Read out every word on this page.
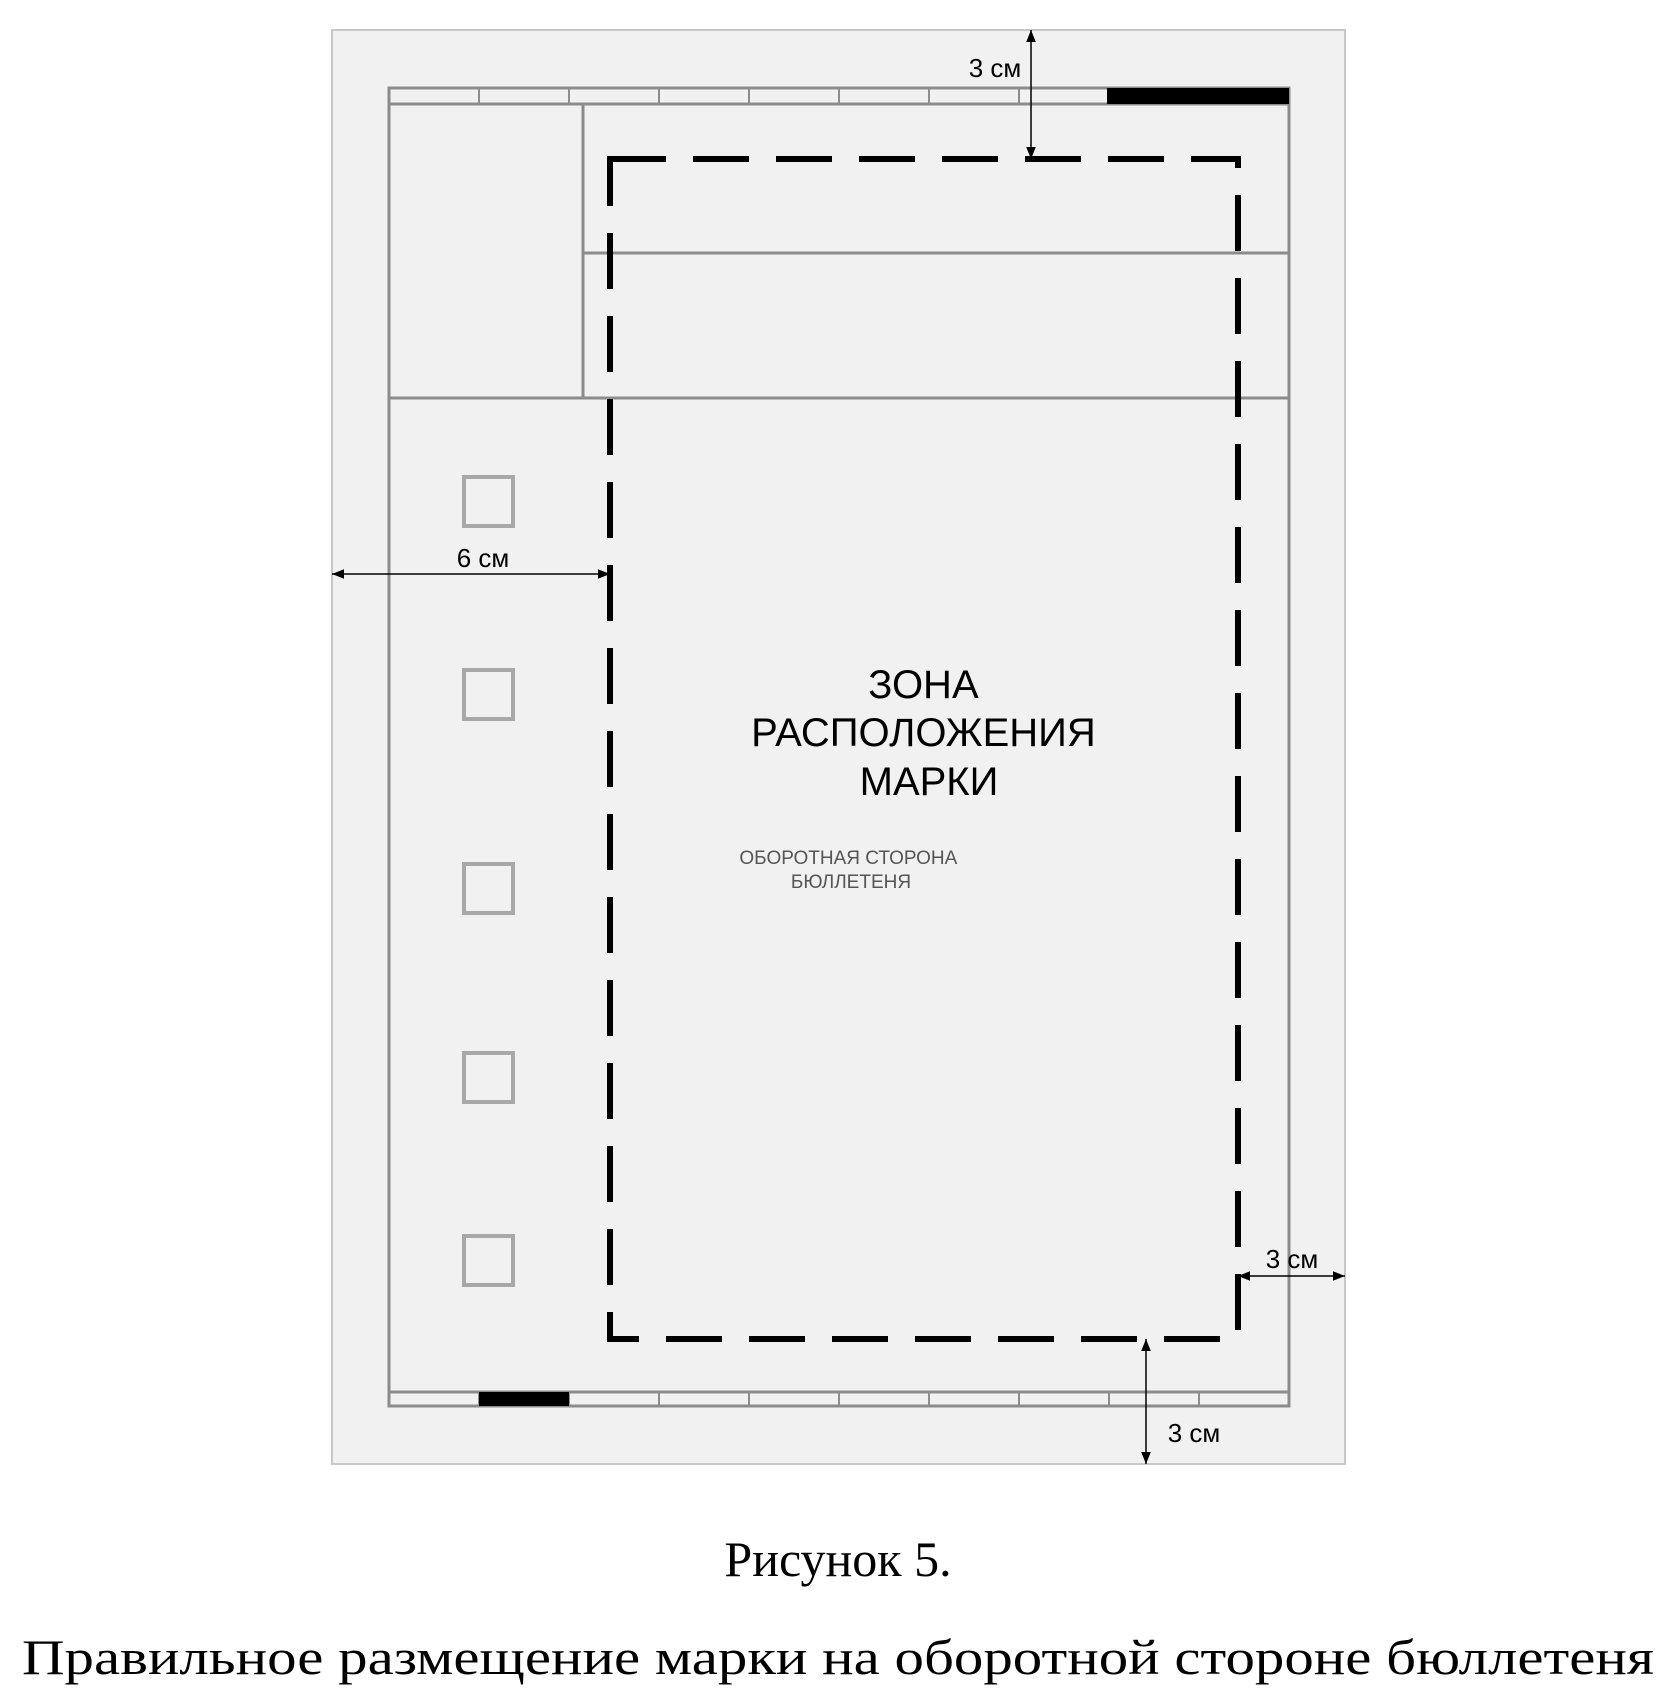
ЗОНА РАСПОЛОЖЕНИЯ МАРКИ
ОБОРОТНАЯ СТОРОНА БЮЛЛЕТЕНЯ
3 см
6 см
3 см
3 см
Рисунок 5.
Правильное размещение марки на оборотной стороне бюллетеня
